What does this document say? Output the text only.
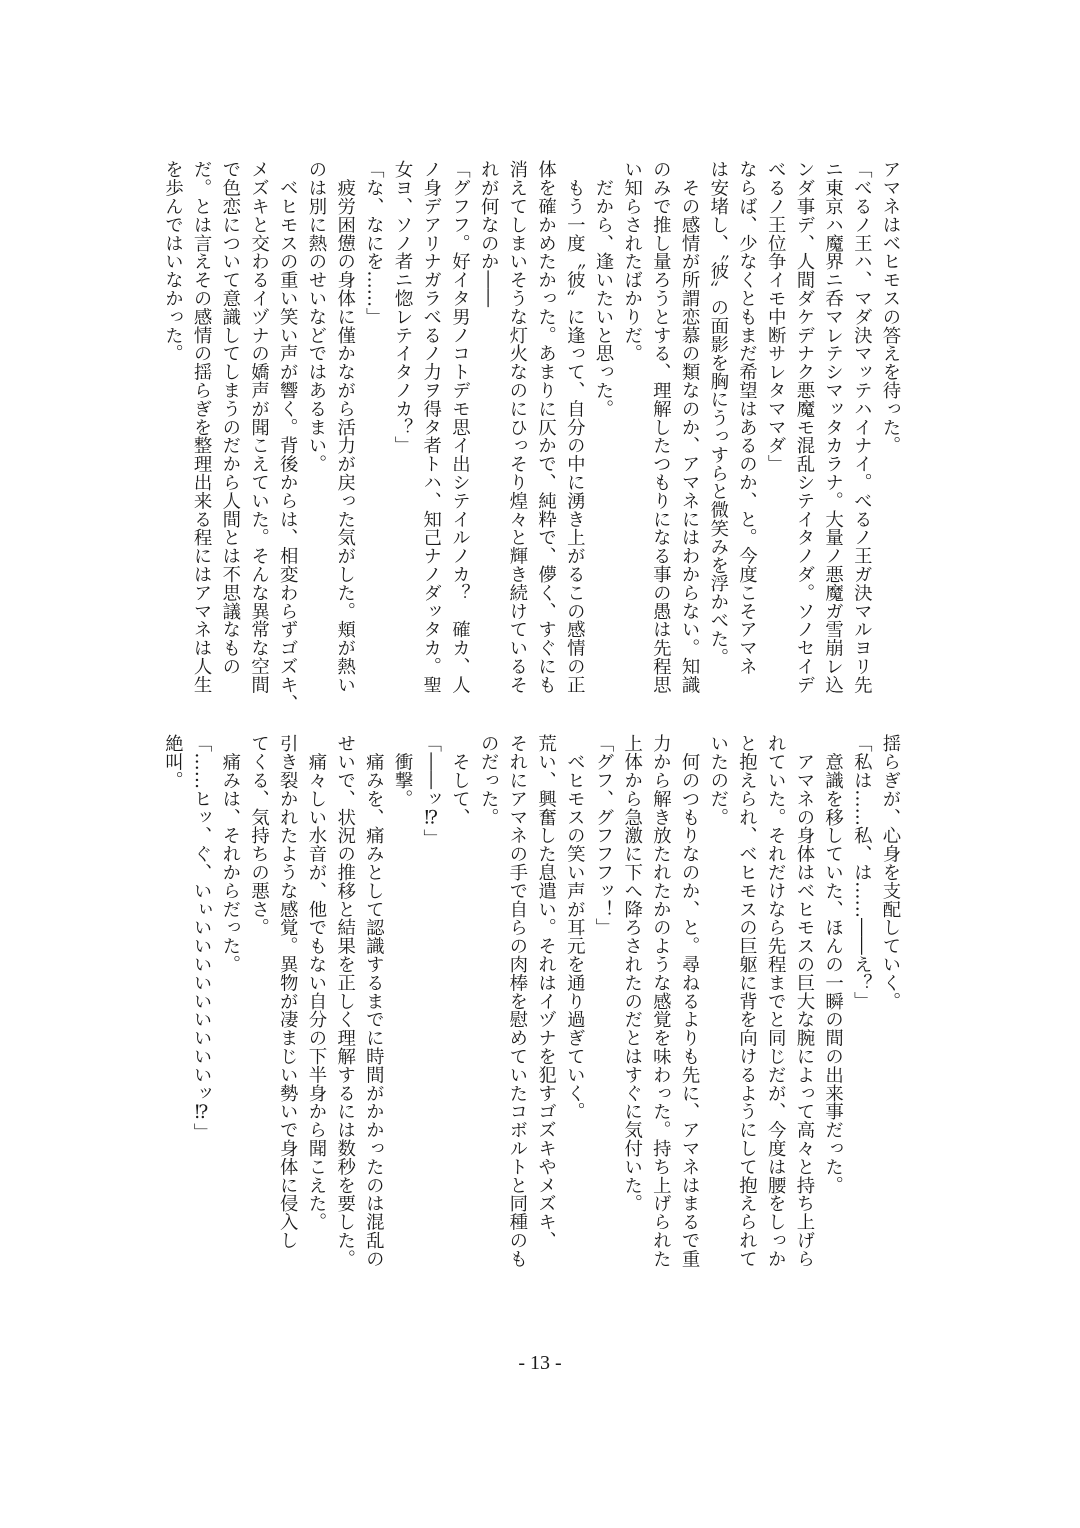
アマネはベヒモスの答えを待った。
「べるノ王ハ、マダ決マッテハイナイ。べるノ王ガ決マルヨリ先
ニ東京ハ魔界ニ呑マレテシマッタカラナ。大量ノ悪魔ガ雪崩レ込
ンダ事デ、人間ダケデナク悪魔モ混乱シテイタノダ。ソノセイデ
べるノ王位争イモ中断サレタママダ」
ならば、少なくともまだ希望はあるのか、と。今度こそアマネ
は安堵し、〝彼〟の面影を胸にうっすらと微笑みを浮かべた。
　その感情が所謂恋慕の類なのか、アマネにはわからない。知識
のみで推し量ろうとする、理解したつもりになる事の愚は先程思
い知らされたばかりだ。
　だから、逢いたいと思った。
　もう一度〝彼〟に逢って、自分の中に湧き上がるこの感情の正
体を確かめたかった。あまりに仄かで、純粋で、儚く、すぐにも
消えてしまいそうな灯火なのにひっそり煌々と輝き続けているそ
れが何なのか――
「グフフ。好イタ男ノコトデモ思イ出シテイルノカ？　確カ、人
ノ身デアリナガラべるノ力ヲ得タ者トハ、知己ナノダッタカ。聖
女ヨ、ソノ者ニ惚レテイタノカ？」
「な、なにを……」
　疲労困憊の身体に僅かながら活力が戻った気がした。頬が熱い
のは別に熱のせいなどではあるまい。
　ベヒモスの重い笑い声が響く。背後からは、相変わらずゴズキ、
メズキと交わるイヅナの嬌声が聞こえていた。そんな異常な空間
で色恋について意識してしまうのだから人間とは不思議なもの
だ。とは言えその感情の揺らぎを整理出来る程にはアマネは人生
を歩んではいなかった。
揺らぎが、心身を支配していく。
「私は……私、は……――え？」
　意識を移していた、ほんの一瞬の間の出来事だった。
　アマネの身体はベヒモスの巨大な腕によって高々と持ち上げら
れていた。それだけなら先程までと同じだが、今度は腰をしっか
と抱えられ、ベヒモスの巨躯に背を向けるようにして抱えられて
いたのだ。
　何のつもりなのか、と。尋ねるよりも先に、アマネはまるで重
力から解き放たれたかのような感覚を味わった。持ち上げられた
上体から急激に下へ降ろされたのだとはすぐに気付いた。
「グフ、グフフフッ！」
　ベヒモスの笑い声が耳元を通り過ぎていく。
荒い、興奮した息遣い。それはイヅナを犯すゴズキやメズキ、
それにアマネの手で自らの肉棒を慰めていたコボルトと同種のも
のだった。
　そして、
「――ッ⁉」
　衝撃。
　痛みを、痛みとして認識するまでに時間がかかったのは混乱の
せいで、状況の推移と結果を正しく理解するには数秒を要した。
　痛々しい水音が、他でもない自分の下半身から聞こえた。
引き裂かれたような感覚。異物が凄まじい勢いで身体に侵入し
てくる、気持ちの悪さ。
　痛みは、それからだった。
「……ヒッ、ぐ、いぃいいいいいいいいいッ⁉」
絶叫。
- 13 -
